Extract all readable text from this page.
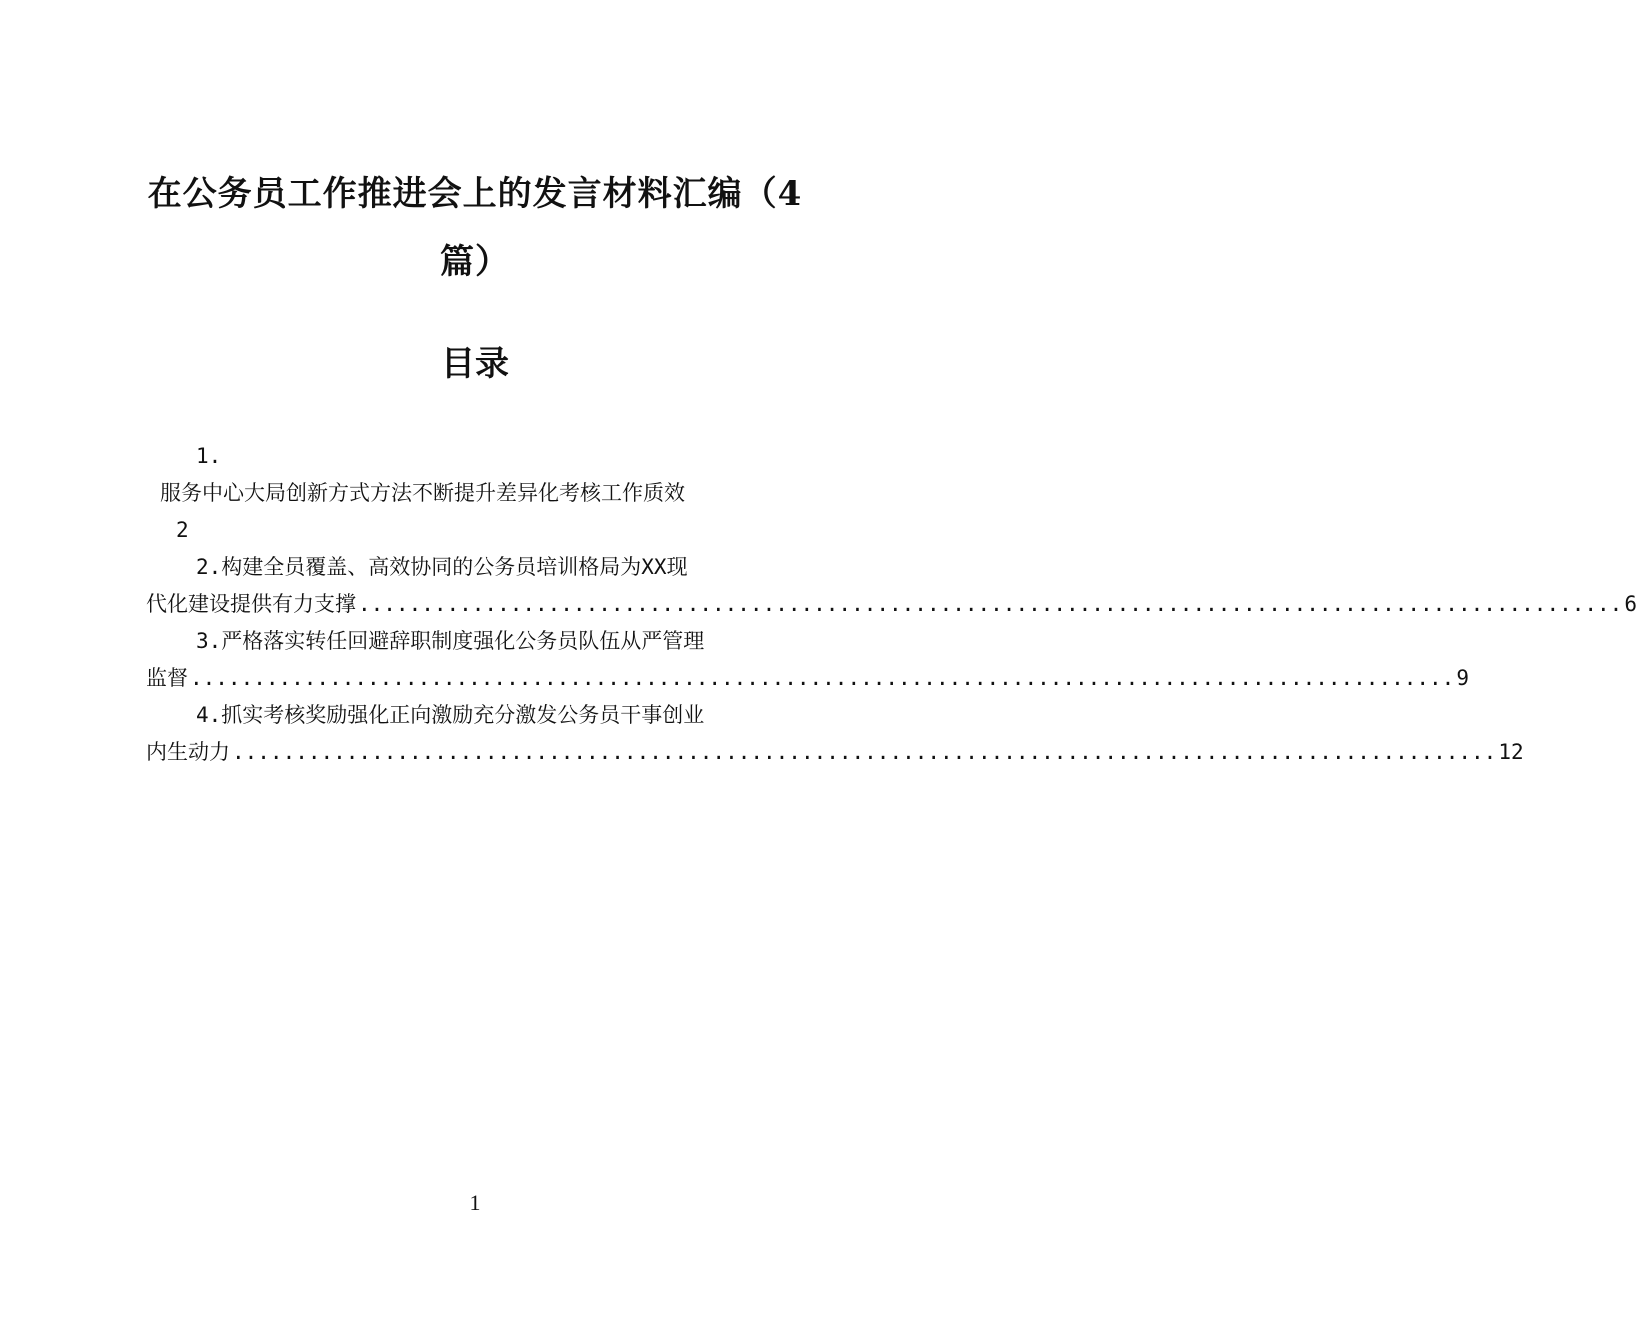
在公务员工作推进会上的发言材料汇编（4
篇）
目录
1.
服务中心大局创新方式方法不断提升差异化考核工作质效
2
2.构建全员覆盖、高效协同的公务员培训格局为XX现
代化建设提供有力支撑 .................................................................................................... 6
3.严格落实转任回避辞职制度强化公务员队伍从严管理
监督 .................................................................................................... 9
4.抓实考核奖励强化正向激励充分激发公务员干事创业
内生动力 .................................................................................................... 12
1
